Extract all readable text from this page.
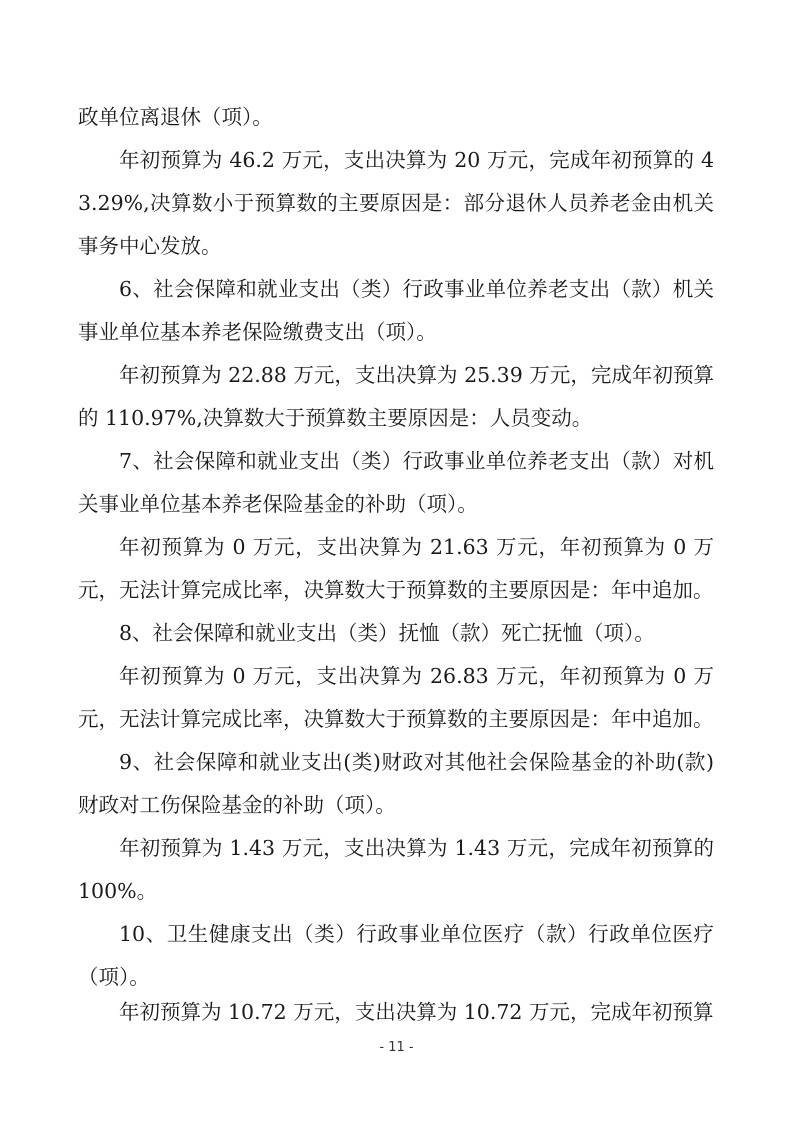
政单位离退休（项）。

年初预算为 46.2 万元，支出决算为 20 万元，完成年初预算的 43.29%,决算数小于预算数的主要原因是：部分退休人员养老金由机关事务中心发放。

6、社会保障和就业支出（类）行政事业单位养老支出（款）机关事业单位基本养老保险缴费支出（项）。

年初预算为 22.88 万元，支出决算为 25.39 万元，完成年初预算的 110.97%,决算数大于预算数主要原因是：人员变动。

7、社会保障和就业支出（类）行政事业单位养老支出（款）对机关事业单位基本养老保险基金的补助（项）。

年初预算为 0 万元，支出决算为 21.63 万元，年初预算为 0 万元，无法计算完成比率，决算数大于预算数的主要原因是：年中追加。

8、社会保障和就业支出（类）抚恤（款）死亡抚恤（项）。

年初预算为 0 万元，支出决算为 26.83 万元，年初预算为 0 万元，无法计算完成比率，决算数大于预算数的主要原因是：年中追加。

9、社会保障和就业支出(类)财政对其他社会保险基金的补助(款)财政对工伤保险基金的补助（项）。

年初预算为 1.43 万元，支出决算为 1.43 万元，完成年初预算的 100%。

10、卫生健康支出（类）行政事业单位医疗（款）行政单位医疗（项）。

年初预算为 10.72 万元，支出决算为 10.72 万元，完成年初预算

- 11 -
